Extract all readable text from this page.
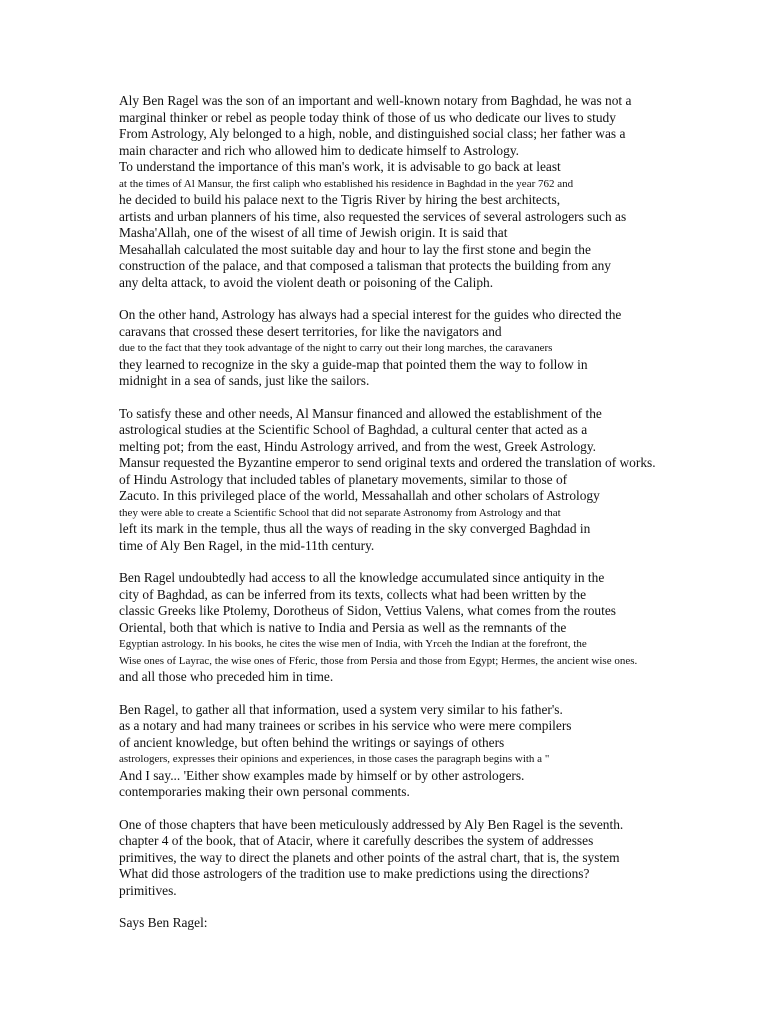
Aly Ben Ragel was the son of an important and well-known notary from Baghdad, he was not a
marginal thinker or rebel as people today think of those of us who dedicate our lives to study
From Astrology, Aly belonged to a high, noble, and distinguished social class; her father was a
main character and rich who allowed him to dedicate himself to Astrology.
To understand the importance of this man's work, it is advisable to go back at least
at the times of Al Mansur, the first caliph who established his residence in Baghdad in the year 762 and
he decided to build his palace next to the Tigris River by hiring the best architects,
artists and urban planners of his time, also requested the services of several astrologers such as
Masha'Allah, one of the wisest of all time of Jewish origin. It is said that
Mesahallah calculated the most suitable day and hour to lay the first stone and begin the
construction of the palace, and that composed a talisman that protects the building from any
any delta attack, to avoid the violent death or poisoning of the Caliph.
On the other hand, Astrology has always had a special interest for the guides who directed the
caravans that crossed these desert territories, for like the navigators and
due to the fact that they took advantage of the night to carry out their long marches, the caravaners
they learned to recognize in the sky a guide-map that pointed them the way to follow in
midnight in a sea of sands, just like the sailors.
To satisfy these and other needs, Al Mansur financed and allowed the establishment of the
astrological studies at the Scientific School of Baghdad, a cultural center that acted as a
melting pot; from the east, Hindu Astrology arrived, and from the west, Greek Astrology.
Mansur requested the Byzantine emperor to send original texts and ordered the translation of works.
of Hindu Astrology that included tables of planetary movements, similar to those of
Zacuto. In this privileged place of the world, Messahallah and other scholars of Astrology
they were able to create a Scientific School that did not separate Astronomy from Astrology and that
left its mark in the temple, thus all the ways of reading in the sky converged Baghdad in
time of Aly Ben Ragel, in the mid-11th century.
Ben Ragel undoubtedly had access to all the knowledge accumulated since antiquity in the
city of Baghdad, as can be inferred from its texts, collects what had been written by the
classic Greeks like Ptolemy, Dorotheus of Sidon, Vettius Valens, what comes from the routes
Oriental, both that which is native to India and Persia as well as the remnants of the
Egyptian astrology. In his books, he cites the wise men of India, with Yrceh the Indian at the forefront, the
Wise ones of Layrac, the wise ones of Fferic, those from Persia and those from Egypt; Hermes, the ancient wise ones.
and all those who preceded him in time.
Ben Ragel, to gather all that information, used a system very similar to his father's.
as a notary and had many trainees or scribes in his service who were mere compilers
of ancient knowledge, but often behind the writings or sayings of others
astrologers, expresses their opinions and experiences, in those cases the paragraph begins with a "
And I say... 'Either show examples made by himself or by other astrologers.
contemporaries making their own personal comments.
One of those chapters that have been meticulously addressed by Aly Ben Ragel is the seventh.
chapter 4 of the book, that of Atacir, where it carefully describes the system of addresses
primitives, the way to direct the planets and other points of the astral chart, that is, the system
What did those astrologers of the tradition use to make predictions using the directions?
primitives.
Says Ben Ragel:
